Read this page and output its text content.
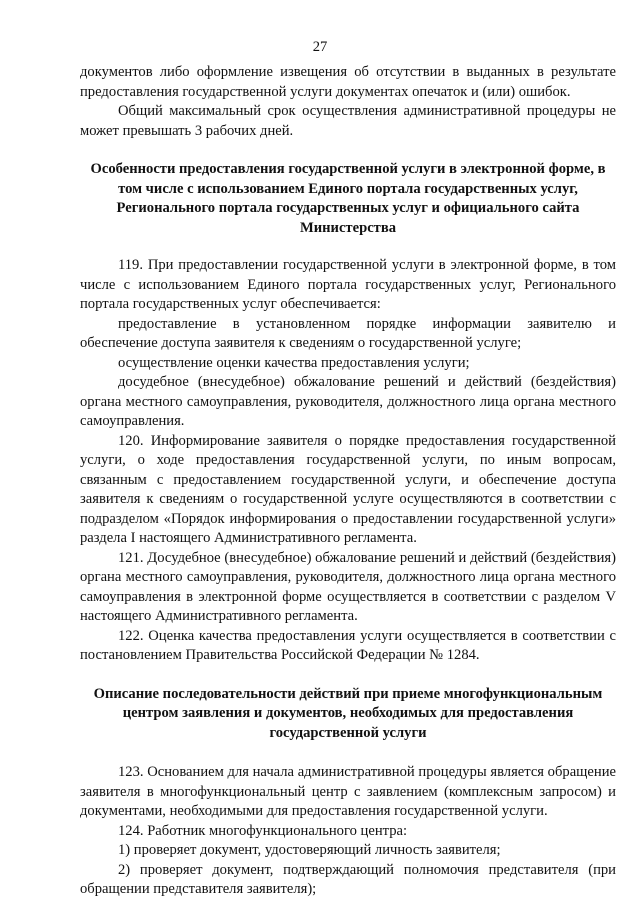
27

документов либо оформление извещения об отсутствии в выданных в результате предоставления государственной услуги документах опечаток и (или) ошибок.

Общий максимальный срок осуществления административной процедуры не может превышать 3 рабочих дней.

Особенности предоставления государственной услуги в электронной форме, в том числе с использованием Единого портала государственных услуг, Регионального портала государственных услуг и официального сайта Министерства

119. При предоставлении государственной услуги в электронной форме, в том числе с использованием Единого портала государственных услуг, Регионального портала государственных услуг обеспечивается:

предоставление в установленном порядке информации заявителю и обеспечение доступа заявителя к сведениям о государственной услуге;

осуществление оценки качества предоставления услуги;

досудебное (внесудебное) обжалование решений и действий (бездействия) органа местного самоуправления, руководителя, должностного лица органа местного самоуправления.

120. Информирование заявителя о порядке предоставления государственной услуги, о ходе предоставления государственной услуги, по иным вопросам, связанным с предоставлением государственной услуги, и обеспечение доступа заявителя к сведениям о государственной услуге осуществляются в соответствии с подразделом «Порядок информирования о предоставлении государственной услуги» раздела I настоящего Административного регламента.

121. Досудебное (внесудебное) обжалование решений и действий (бездействия) органа местного самоуправления, руководителя, должностного лица органа местного самоуправления в электронной форме осуществляется в соответствии с разделом V настоящего Административного регламента.

122. Оценка качества предоставления услуги осуществляется в соответствии с постановлением Правительства Российской Федерации № 1284.

Описание последовательности действий при приеме многофункциональным центром заявления и документов, необходимых для предоставления государственной услуги

123. Основанием для начала административной процедуры является обращение заявителя в многофункциональный центр с заявлением (комплексным запросом) и документами, необходимыми для предоставления государственной услуги.

124. Работник многофункционального центра:

1) проверяет документ, удостоверяющий личность заявителя;

2) проверяет документ, подтверждающий полномочия представителя (при обращении представителя заявителя);
